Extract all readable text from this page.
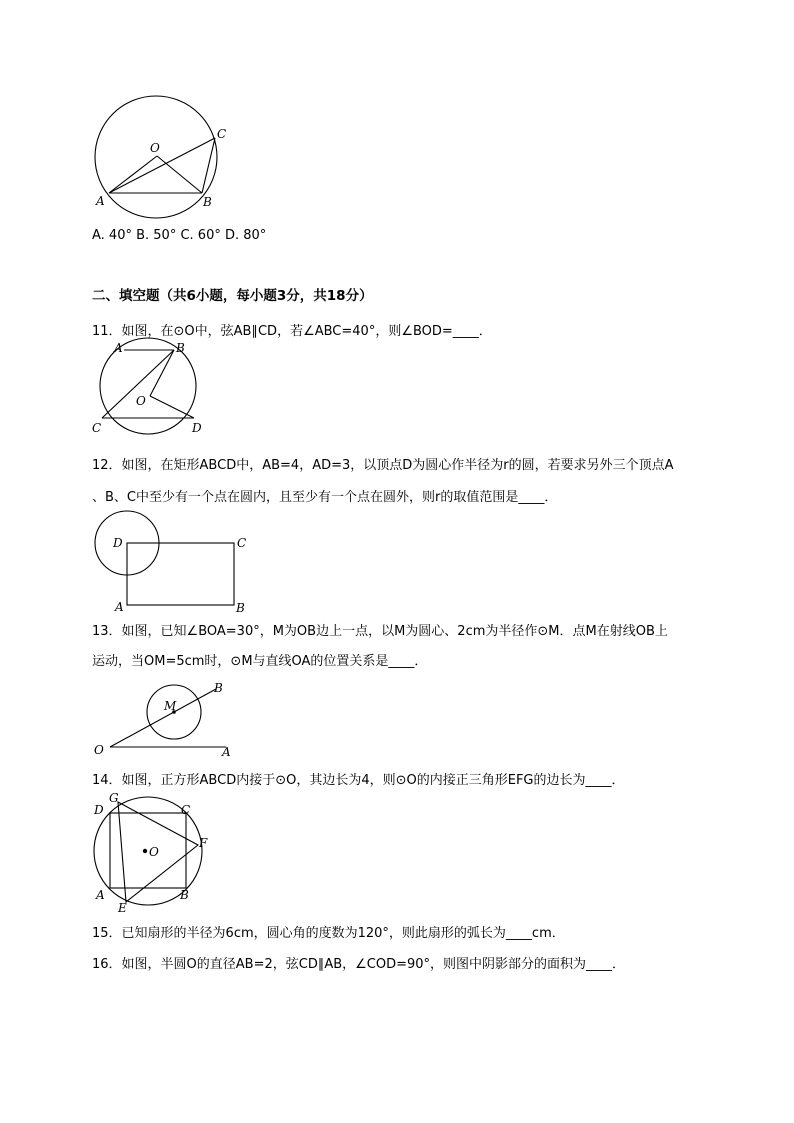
O
A	B
C
A. 40° B. 50° C. 60° D. 80°
二、填空题（共6小题，每小题3分，共18分）
11．如图，在⊙O中，弦AB∥CD，若∠ABC=40°，则∠BOD=____．
A	B
O
C	D
12．如图，在矩形ABCD中，AB=4，AD=3，以顶点D为圆心作半径为r的圆，若要求另外三个顶点A
、B、C中至少有一个点在圆内，且至少有一个点在圆外，则r的取值范围是____．
D	C
A	B
13．如图，已知∠BOA=30°，M为OB边上一点，以M为圆心、2cm为半径作⊙M．点M在射线OB上
运动，当OM=5cm时，⊙M与直线OA的位置关系是____．
O	A
B
M
14．如图，正方形ABCD内接于⊙O，其边长为4，则⊙O的内接正三角形EFG的边长为____．
G
D	C
F
O
A	B
E
15．已知扇形的半径为6cm，圆心角的度数为120°，则此扇形的弧长为____cm．
16．如图，半圆O的直径AB=2，弦CD∥AB，∠COD=90°，则图中阴影部分的面积为____．
